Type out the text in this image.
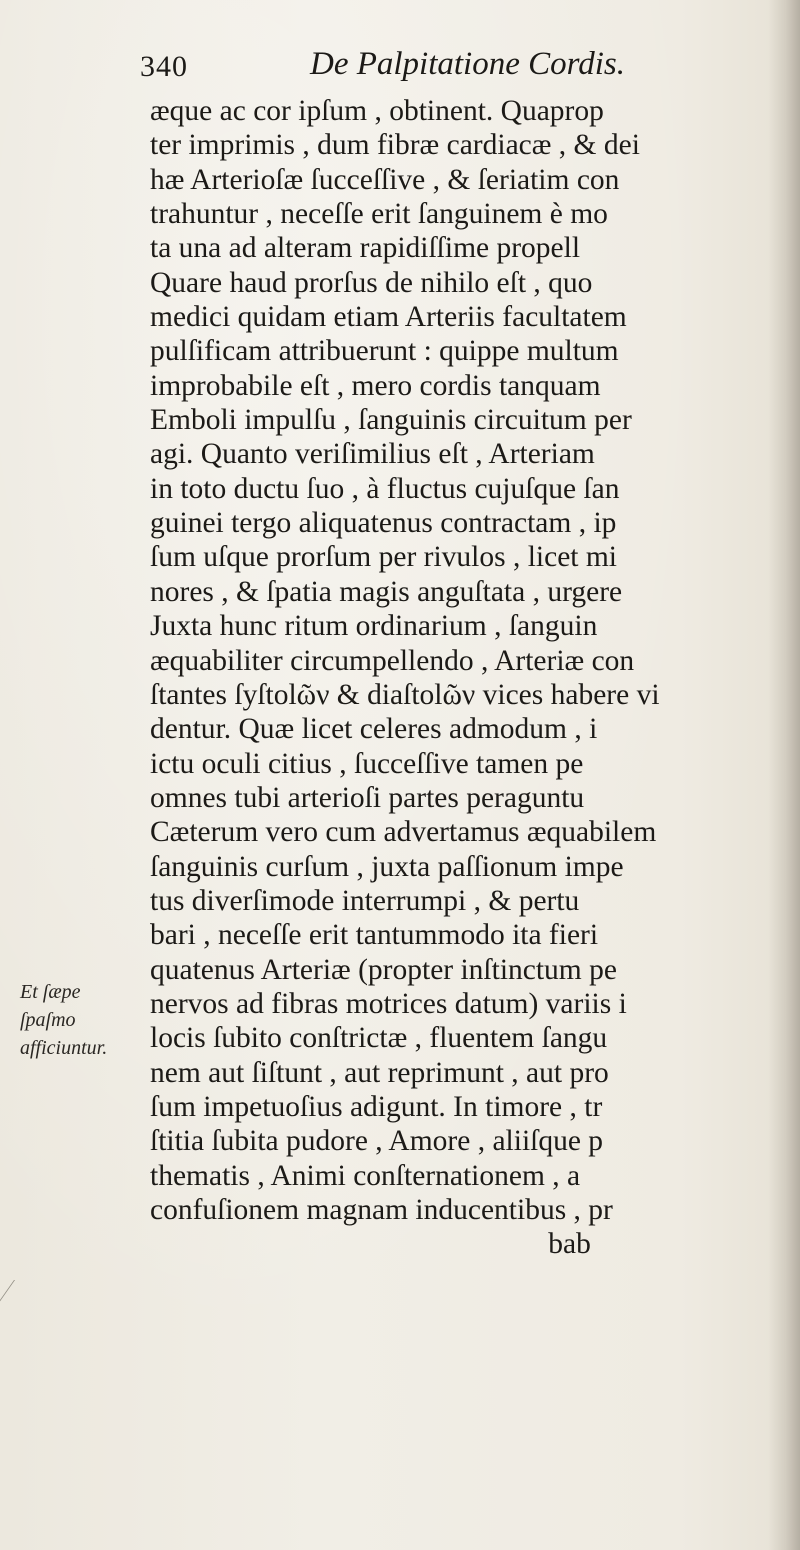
340	De Palpitatione Cordis.
Et ſæpe
ſpaſmo
afficiuntur.
æque ac cor ipſum , obtinent. Quaprop
ter imprimis , dum fibræ cardiacæ , & dei
hæ Arterioſæ ſucceſſive , & ſeriatim con
trahuntur , neceſſe erit ſanguinem è mo
ta una ad alteram rapidiſſime propell
Quare haud prorſus de nihilo eſt , quo
medici quidam etiam Arteriis facultatem
pulſificam attribuerunt : quippe multum
improbabile eſt , mero cordis tanquam
Emboli impulſu , ſanguinis circuitum per
agi. Quanto veriſimilius eſt , Arteriam
in toto ductu ſuo , à fluctus cujuſque ſan
guinei tergo aliquatenus contractam , ip
ſum uſque prorſum per rivulos , licet mi
nores , & ſpatia magis anguſtata , urgere
Juxta hunc ritum ordinarium , ſanguin
æquabiliter circumpellendo , Arteriæ con
ſtantes ſyſtolῶν & diaſtolῶν vices habere vi
dentur. Quæ licet celeres admodum , i
ictu oculi citius , ſucceſſive tamen pe
omnes tubi arterioſi partes peraguntu
Cæterum vero cum advertamus æquabilem
ſanguinis curſum , juxta paſſionum impe
tus diverſimode interrumpi , & pertu
bari , neceſſe erit tantummodo ita fieri
quatenus Arteriæ (propter inſtinctum pe
nervos ad fibras motrices datum) variis i
locis ſubito conſtrictæ , fluentem ſangu
nem aut ſiſtunt , aut reprimunt , aut pro
ſum impetuoſius adigunt. In timore , tr
ſtitia ſubita pudore , Amore , aliiſque p
thematis , Animi conſternationem , a
confuſionem magnam inducentibus , pr
bab
